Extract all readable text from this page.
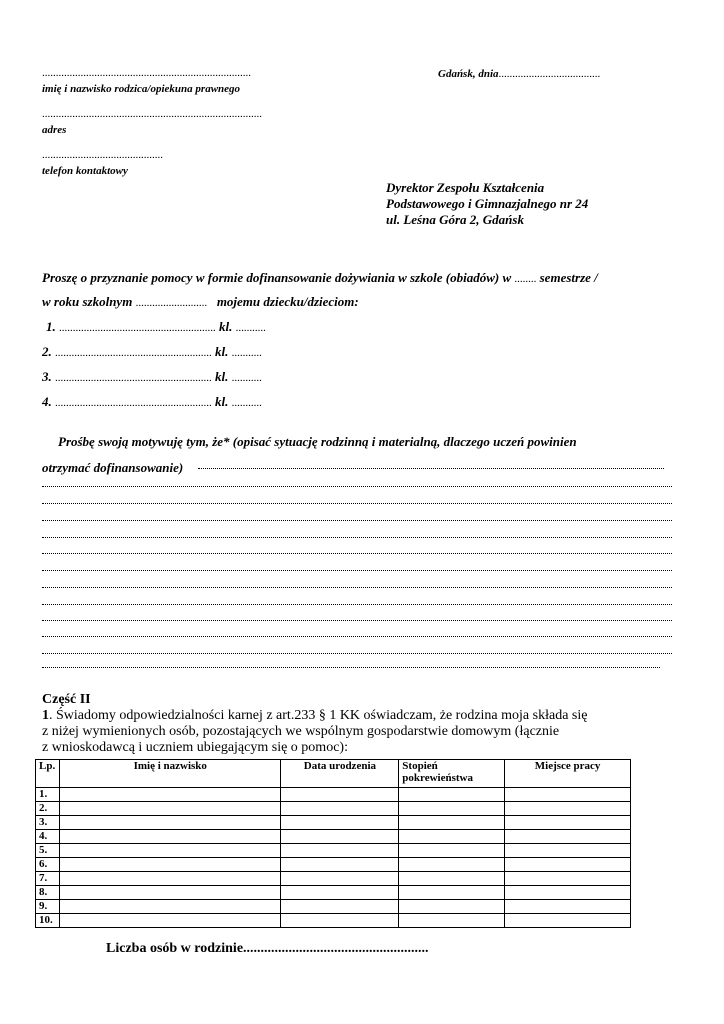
............................................................................
imię i nazwisko rodzica/opiekuna prawnego
................................................................................
adres
............................................
telefon kontaktowy
Gdańsk, dnia.....................................
Dyrektor Zespołu Kształcenia
Podstawowego i Gimnazjalnego nr 24
ul. Leśna Góra 2, Gdańsk
Proszę o przyznanie pomocy w formie dofinansowanie dożywiania w szkole (obiadów) w ........ semestrze /
w roku szkolnym .......................... mojemu dziecku/dzieciom:
1. ......................................................... kl. ...........
2. ......................................................... kl. ...........
3. ......................................................... kl. ...........
4. ......................................................... kl. ...........
Prośbę swoją motywuję tym, że* (opisać sytuację rodzinną i materialną, dlaczego uczeń powinien
otrzymać dofinansowanie)
Część II
1. Świadomy odpowiedzialności karnej z art.233 § 1 KK oświadczam, że rodzina moja składa się
z niżej wymienionych osób, pozostających we wspólnym gospodarstwie domowym (łącznie
z wnioskodawcą i uczniem ubiegającym się o pomoc):
Lp.	Imię i nazwisko	Data urodzenia	Stopień pokrewieństwa	Miejsce pracy
1.				
2.				
3.				
4.				
5.				
6.				
7.				
8.				
9.				
10.				
Liczba osób w rodzinie.....................................................
